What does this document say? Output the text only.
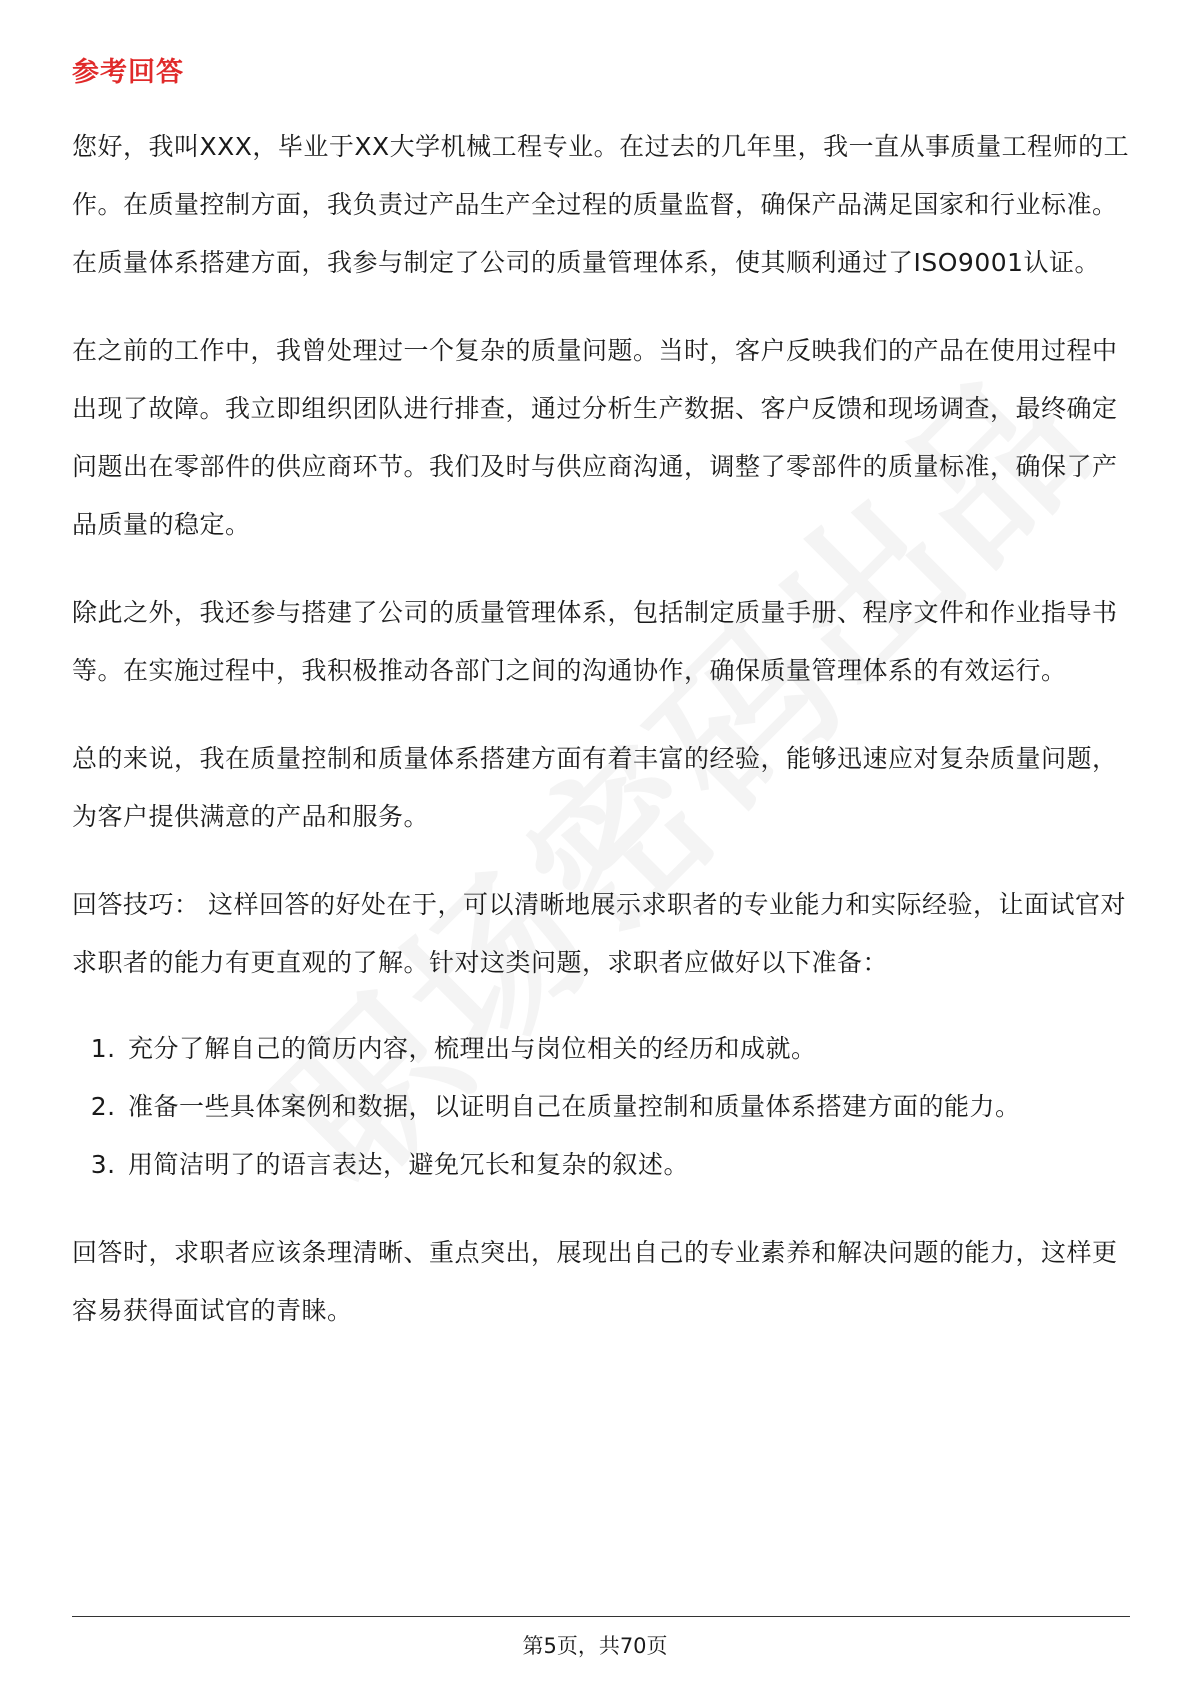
参考回答

您好，我叫XXX，毕业于XX大学机械工程专业。在过去的几年里，我一直从事质量工程师的工作。在质量控制方面，我负责过产品生产全过程的质量监督，确保产品满足国家和行业标准。在质量体系搭建方面，我参与制定了公司的质量管理体系，使其顺利通过了ISO9001认证。

在之前的工作中，我曾处理过一个复杂的质量问题。当时，客户反映我们的产品在使用过程中出现了故障。我立即组织团队进行排查，通过分析生产数据、客户反馈和现场调查，最终确定问题出在零部件的供应商环节。我们及时与供应商沟通，调整了零部件的质量标准，确保了产品质量的稳定。

除此之外，我还参与搭建了公司的质量管理体系，包括制定质量手册、程序文件和作业指导书等。在实施过程中，我积极推动各部门之间的沟通协作，确保质量管理体系的有效运行。

总的来说，我在质量控制和质量体系搭建方面有着丰富的经验，能够迅速应对复杂质量问题，为客户提供满意的产品和服务。

回答技巧： 这样回答的好处在于，可以清晰地展示求职者的专业能力和实际经验，让面试官对求职者的能力有更直观的了解。针对这类问题，求职者应做好以下准备：

1. 充分了解自己的简历内容，梳理出与岗位相关的经历和成就。
2. 准备一些具体案例和数据，以证明自己在质量控制和质量体系搭建方面的能力。
3. 用简洁明了的语言表达，避免冗长和复杂的叙述。

回答时，求职者应该条理清晰、重点突出，展现出自己的专业素养和解决问题的能力，这样更容易获得面试官的青睐。

第5页，共70页
